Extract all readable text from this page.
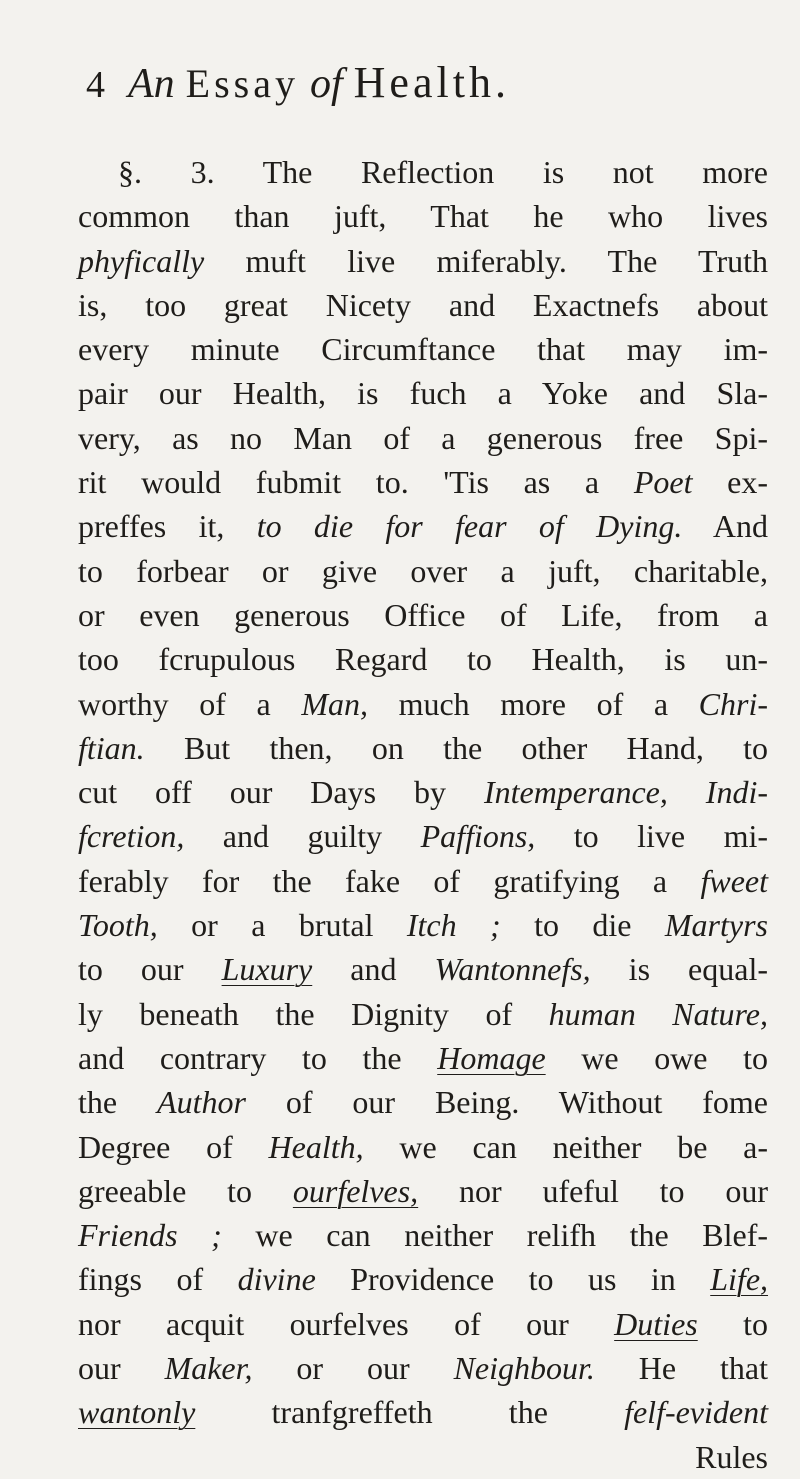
4 An Essay of Health.
§. 3. The Reflection is not more
common than juft, That he who lives
phyfically muft live miferably. The Truth
is, too great Nicety and Exactnefs about
every minute Circumftance that may im-
pair our Health, is fuch a Yoke and Sla-
very, as no Man of a generous free Spi-
rit would fubmit to. 'Tis as a Poet ex-
preffes it, to die for fear of Dying. And
to forbear or give over a juft, charitable,
or even generous Office of Life, from a
too fcrupulous Regard to Health, is un-
worthy of a Man, much more of a Chri-
ftian. But then, on the other Hand, to
cut off our Days by Intemperance, Indi-
fcretion, and guilty Paffions, to live mi-
ferably for the fake of gratifying a fweet
Tooth, or a brutal Itch ; to die Martyrs
to our Luxury and Wantonnefs, is equal-
ly beneath the Dignity of human Nature,
and contrary to the Homage we owe to
the Author of our Being. Without fome
Degree of Health, we can neither be a-
greeable to ourfelves, nor ufeful to our
Friends ; we can neither relifh the Blef-
fings of divine Providence to us in Life,
nor acquit ourfelves of our Duties to
our Maker, or our Neighbour. He that
wantonly tranfgreffeth the felf-evident
Rules
